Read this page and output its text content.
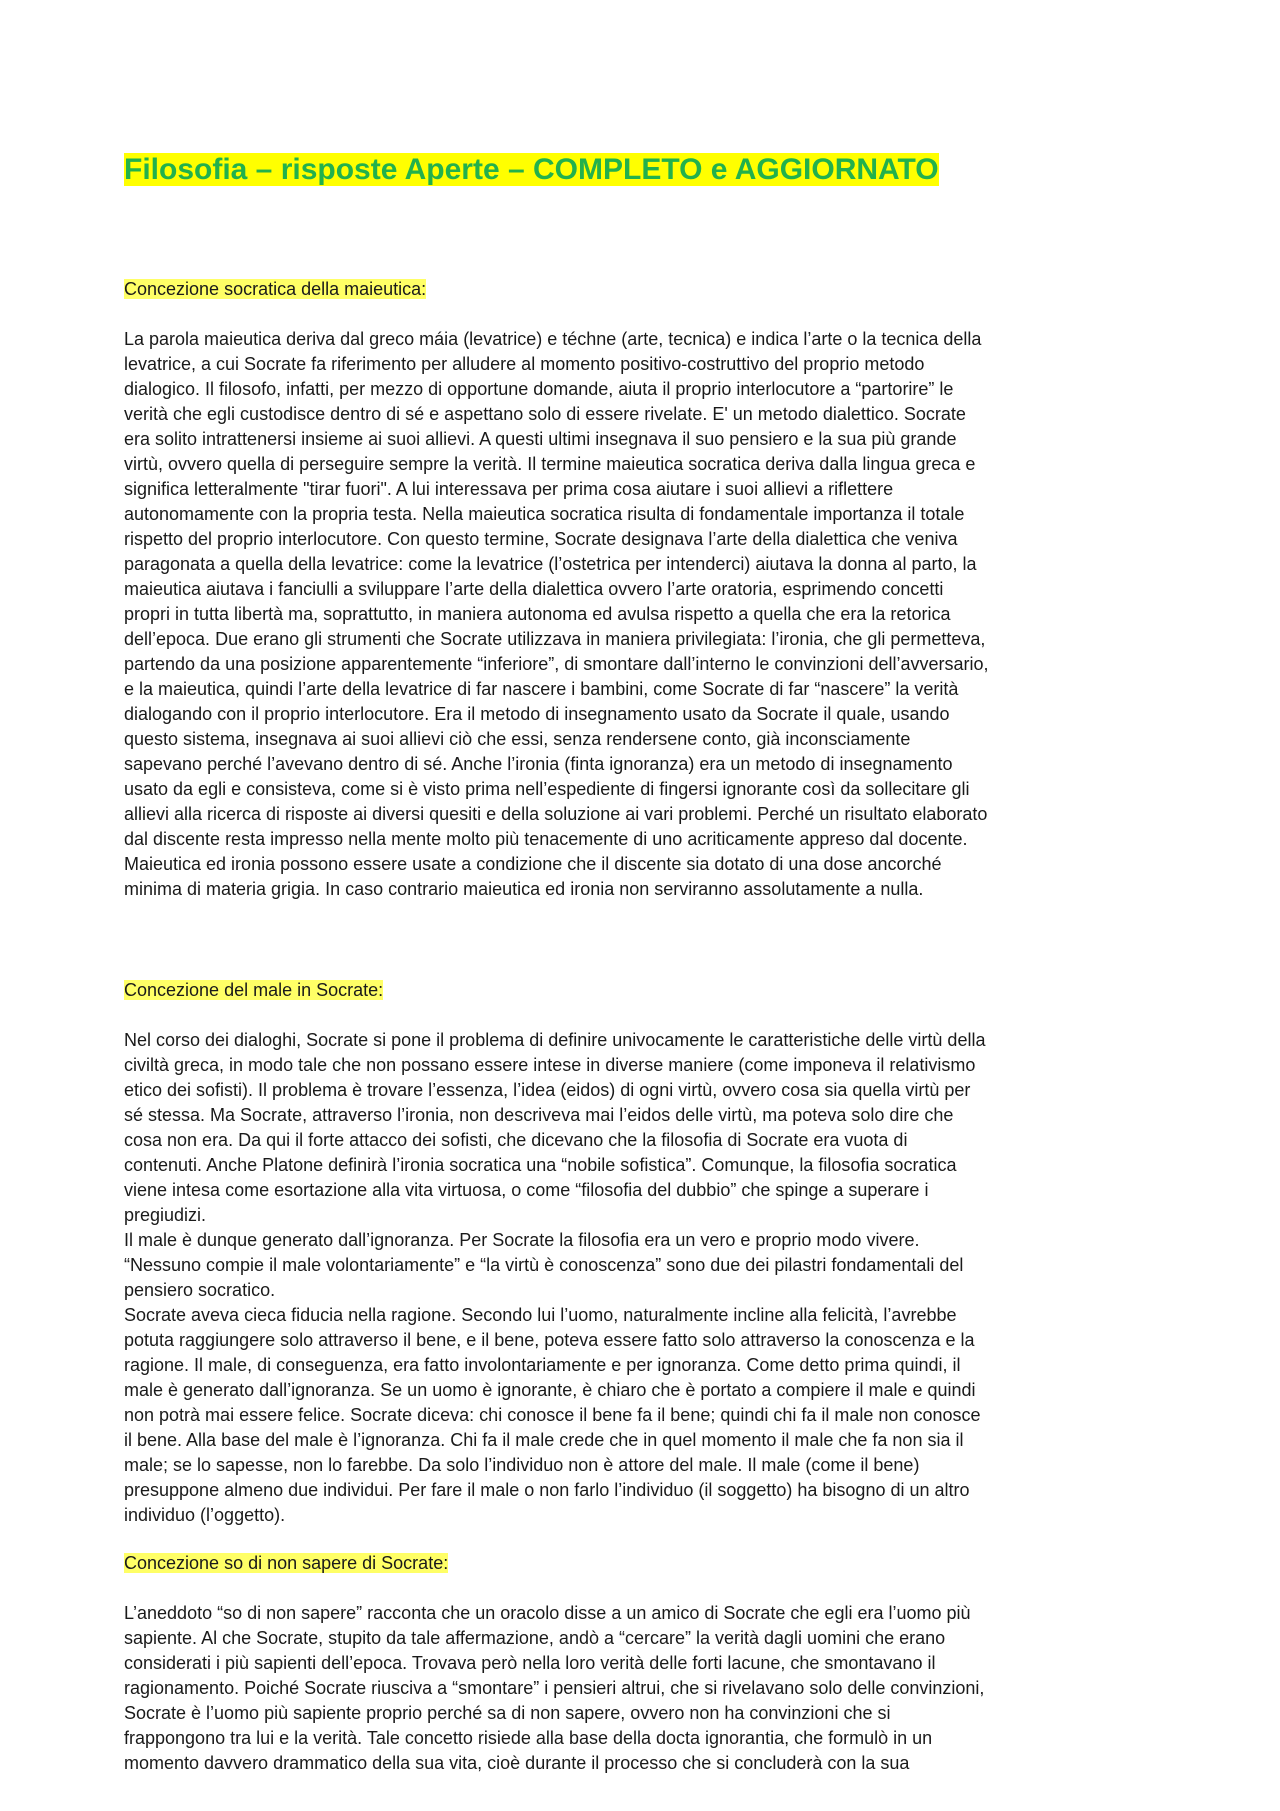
Filosofia – risposte Aperte – COMPLETO e AGGIORNATO
Concezione socratica della maieutica:

La parola maieutica deriva dal greco máia (levatrice) e téchne (arte, tecnica) e indica l’arte o la tecnica della
levatrice, a cui Socrate fa riferimento per alludere al momento positivo-costruttivo del proprio metodo
dialogico. Il filosofo, infatti, per mezzo di opportune domande, aiuta il proprio interlocutore a “partorire” le
verità che egli custodisce dentro di sé e aspettano solo di essere rivelate. E' un metodo dialettico. Socrate
era solito intrattenersi insieme ai suoi allievi. A questi ultimi insegnava il suo pensiero e la sua più grande
virtù, ovvero quella di perseguire sempre la verità. Il termine maieutica socratica deriva dalla lingua greca e
significa letteralmente "tirar fuori". A lui interessava per prima cosa aiutare i suoi allievi a riflettere
autonomamente con la propria testa. Nella maieutica socratica risulta di fondamentale importanza il totale
rispetto del proprio interlocutore. Con questo termine, Socrate designava l’arte della dialettica che veniva
paragonata a quella della levatrice: come la levatrice (l’ostetrica per intenderci) aiutava la donna al parto, la
maieutica aiutava i fanciulli a sviluppare l’arte della dialettica ovvero l’arte oratoria, esprimendo concetti
propri in tutta libertà ma, soprattutto, in maniera autonoma ed avulsa rispetto a quella che era la retorica
dell’epoca. Due erano gli strumenti che Socrate utilizzava in maniera privilegiata: l’ironia, che gli permetteva,
partendo da una posizione apparentemente “inferiore”, di smontare dall’interno le convinzioni dell’avversario,
e la maieutica, quindi l’arte della levatrice di far nascere i bambini, come Socrate di far “nascere” la verità
dialogando con il proprio interlocutore. Era il metodo di insegnamento usato da Socrate il quale, usando
questo sistema, insegnava ai suoi allievi ciò che essi, senza rendersene conto, già inconsciamente
sapevano perché l’avevano dentro di sé. Anche l’ironia (finta ignoranza) era un metodo di insegnamento
usato da egli e consisteva, come si è visto prima nell’espediente di fingersi ignorante così da sollecitare gli
allievi alla ricerca di risposte ai diversi quesiti e della soluzione ai vari problemi. Perché un risultato elaborato
dal discente resta impresso nella mente molto più tenacemente di uno acriticamente appreso dal docente.
Maieutica ed ironia possono essere usate a condizione che il discente sia dotato di una dose ancorché
minima di materia grigia. In caso contrario maieutica ed ironia non serviranno assolutamente a nulla.

Concezione del male in Socrate:

Nel corso dei dialoghi, Socrate si pone il problema di definire univocamente le caratteristiche delle virtù della
civiltà greca, in modo tale che non possano essere intese in diverse maniere (come imponeva il relativismo
etico dei sofisti). Il problema è trovare l’essenza, l’idea (eidos) di ogni virtù, ovvero cosa sia quella virtù per
sé stessa. Ma Socrate, attraverso l’ironia, non descriveva mai l’eidos delle virtù, ma poteva solo dire che
cosa non era. Da qui il forte attacco dei sofisti, che dicevano che la filosofia di Socrate era vuota di
contenuti. Anche Platone definirà l’ironia socratica una “nobile sofistica”. Comunque, la filosofia socratica
viene intesa come esortazione alla vita virtuosa, o come “filosofia del dubbio” che spinge a superare i
pregiudizi.
Il male è dunque generato dall’ignoranza. Per Socrate la filosofia era un vero e proprio modo vivere.
“Nessuno compie il male volontariamente” e “la virtù è conoscenza” sono due dei pilastri fondamentali del
pensiero socratico.
Socrate aveva cieca fiducia nella ragione. Secondo lui l’uomo, naturalmente incline alla felicità, l’avrebbe
potuta raggiungere solo attraverso il bene, e il bene, poteva essere fatto solo attraverso la conoscenza e la
ragione. Il male, di conseguenza, era fatto involontariamente e per ignoranza. Come detto prima quindi, il
male è generato dall’ignoranza. Se un uomo è ignorante, è chiaro che è portato a compiere il male e quindi
non potrà mai essere felice. Socrate diceva: chi conosce il bene fa il bene; quindi chi fa il male non conosce
il bene. Alla base del male è l’ignoranza. Chi fa il male crede che in quel momento il male che fa non sia il
male; se lo sapesse, non lo farebbe. Da solo l’individuo non è attore del male. Il male (come il bene)
presuppone almeno due individui. Per fare il male o non farlo l’individuo (il soggetto) ha bisogno di un altro
individuo (l’oggetto).

Concezione so di non sapere di Socrate:

L’aneddoto “so di non sapere” racconta che un oracolo disse a un amico di Socrate che egli era l’uomo più
sapiente. Al che Socrate, stupito da tale affermazione, andò a “cercare” la verità dagli uomini che erano
considerati i più sapienti dell’epoca. Trovava però nella loro verità delle forti lacune, che smontavano il
ragionamento. Poiché Socrate riusciva a “smontare” i pensieri altrui, che si rivelavano solo delle convinzioni,
Socrate è l’uomo più sapiente proprio perché sa di non sapere, ovvero non ha convinzioni che si
frappongono tra lui e la verità. Tale concetto risiede alla base della docta ignorantia, che formulò in un
momento davvero drammatico della sua vita, cioè durante il processo che si concluderà con la sua
